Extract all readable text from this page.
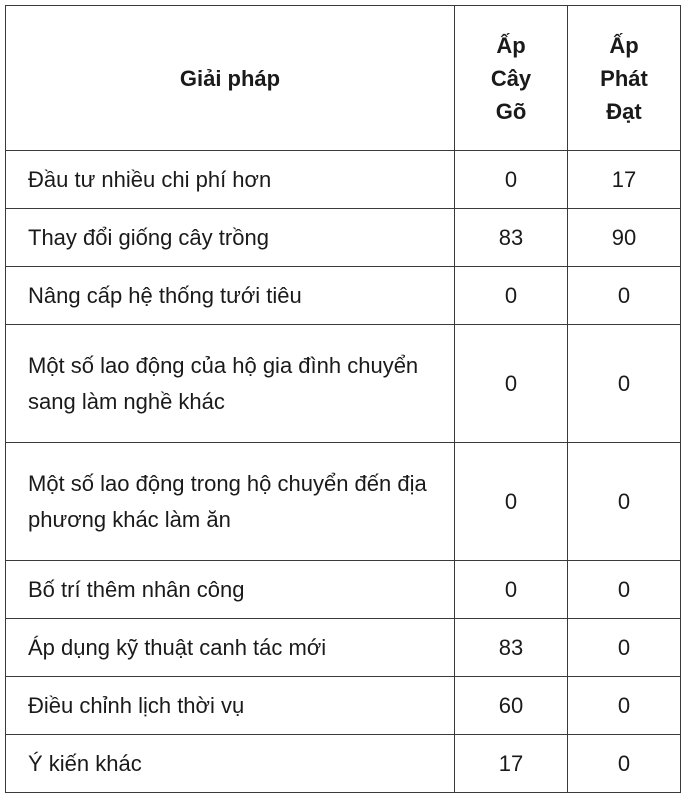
Giải pháp	Ấp Cây Gõ	Ấp Phát Đạt
Đầu tư nhiều chi phí hơn	0	17
Thay đổi giống cây trồng	83	90
Nâng cấp hệ thống tưới tiêu	0	0
Một số lao động của hộ gia đình chuyển sang làm nghề khác	0	0
Một số lao động trong hộ chuyển đến địa phương khác làm ăn	0	0
Bố trí thêm nhân công	0	0
Áp dụng kỹ thuật canh tác mới	83	0
Điều chỉnh lịch thời vụ	60	0
Ý kiến khác	17	0
